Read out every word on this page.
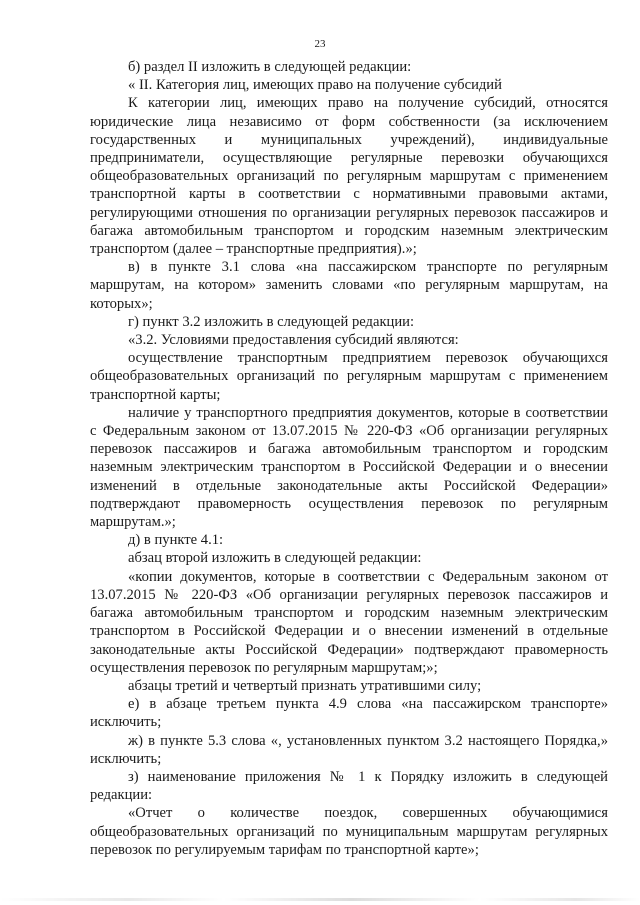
23

б) раздел II изложить в следующей редакции:

« II. Категория лиц, имеющих право на получение субсидий

К категории лиц, имеющих право на получение субсидий, относятся юридические лица независимо от форм собственности (за исключением государственных и муниципальных учреждений), индивидуальные предприниматели, осуществляющие регулярные перевозки обучающихся общеобразовательных организаций по регулярным маршрутам с применением транспортной карты в соответствии с нормативными правовыми актами, регулирующими отношения по организации регулярных перевозок пассажиров и багажа автомобильным транспортом и городским наземным электрическим транспортом (далее – транспортные предприятия).»;

в) в пункте 3.1 слова «на пассажирском транспорте по регулярным маршрутам, на котором» заменить словами «по регулярным маршрутам, на которых»;

г) пункт 3.2 изложить в следующей редакции:

«3.2. Условиями предоставления субсидий являются:

осуществление транспортным предприятием перевозок обучающихся общеобразовательных организаций по регулярным маршрутам с применением транспортной карты;

наличие у транспортного предприятия документов, которые в соответствии с Федеральным законом от 13.07.2015 № 220-ФЗ «Об организации регулярных перевозок пассажиров и багажа автомобильным транспортом и городским наземным электрическим транспортом в Российской Федерации и о внесении изменений в отдельные законодательные акты Российской Федерации» подтверждают правомерность осуществления перевозок по регулярным маршрутам.»;

д) в пункте 4.1:

абзац второй изложить в следующей редакции:

«копии документов, которые в соответствии с Федеральным законом от 13.07.2015 № 220-ФЗ «Об организации регулярных перевозок пассажиров и багажа автомобильным транспортом и городским наземным электрическим транспортом в Российской Федерации и о внесении изменений в отдельные законодательные акты Российской Федерации» подтверждают правомерность осуществления перевозок по регулярным маршрутам;»;

абзацы третий и четвертый признать утратившими силу;

е) в абзаце третьем пункта 4.9 слова «на пассажирском транспорте» исключить;

ж) в пункте 5.3 слова «, установленных пунктом 3.2 настоящего Порядка,» исключить;

з) наименование приложения № 1 к Порядку изложить в следующей редакции:

«Отчет о количестве поездок, совершенных обучающимися общеобразовательных организаций по муниципальным маршрутам регулярных перевозок по регулируемым тарифам по транспортной карте»;
